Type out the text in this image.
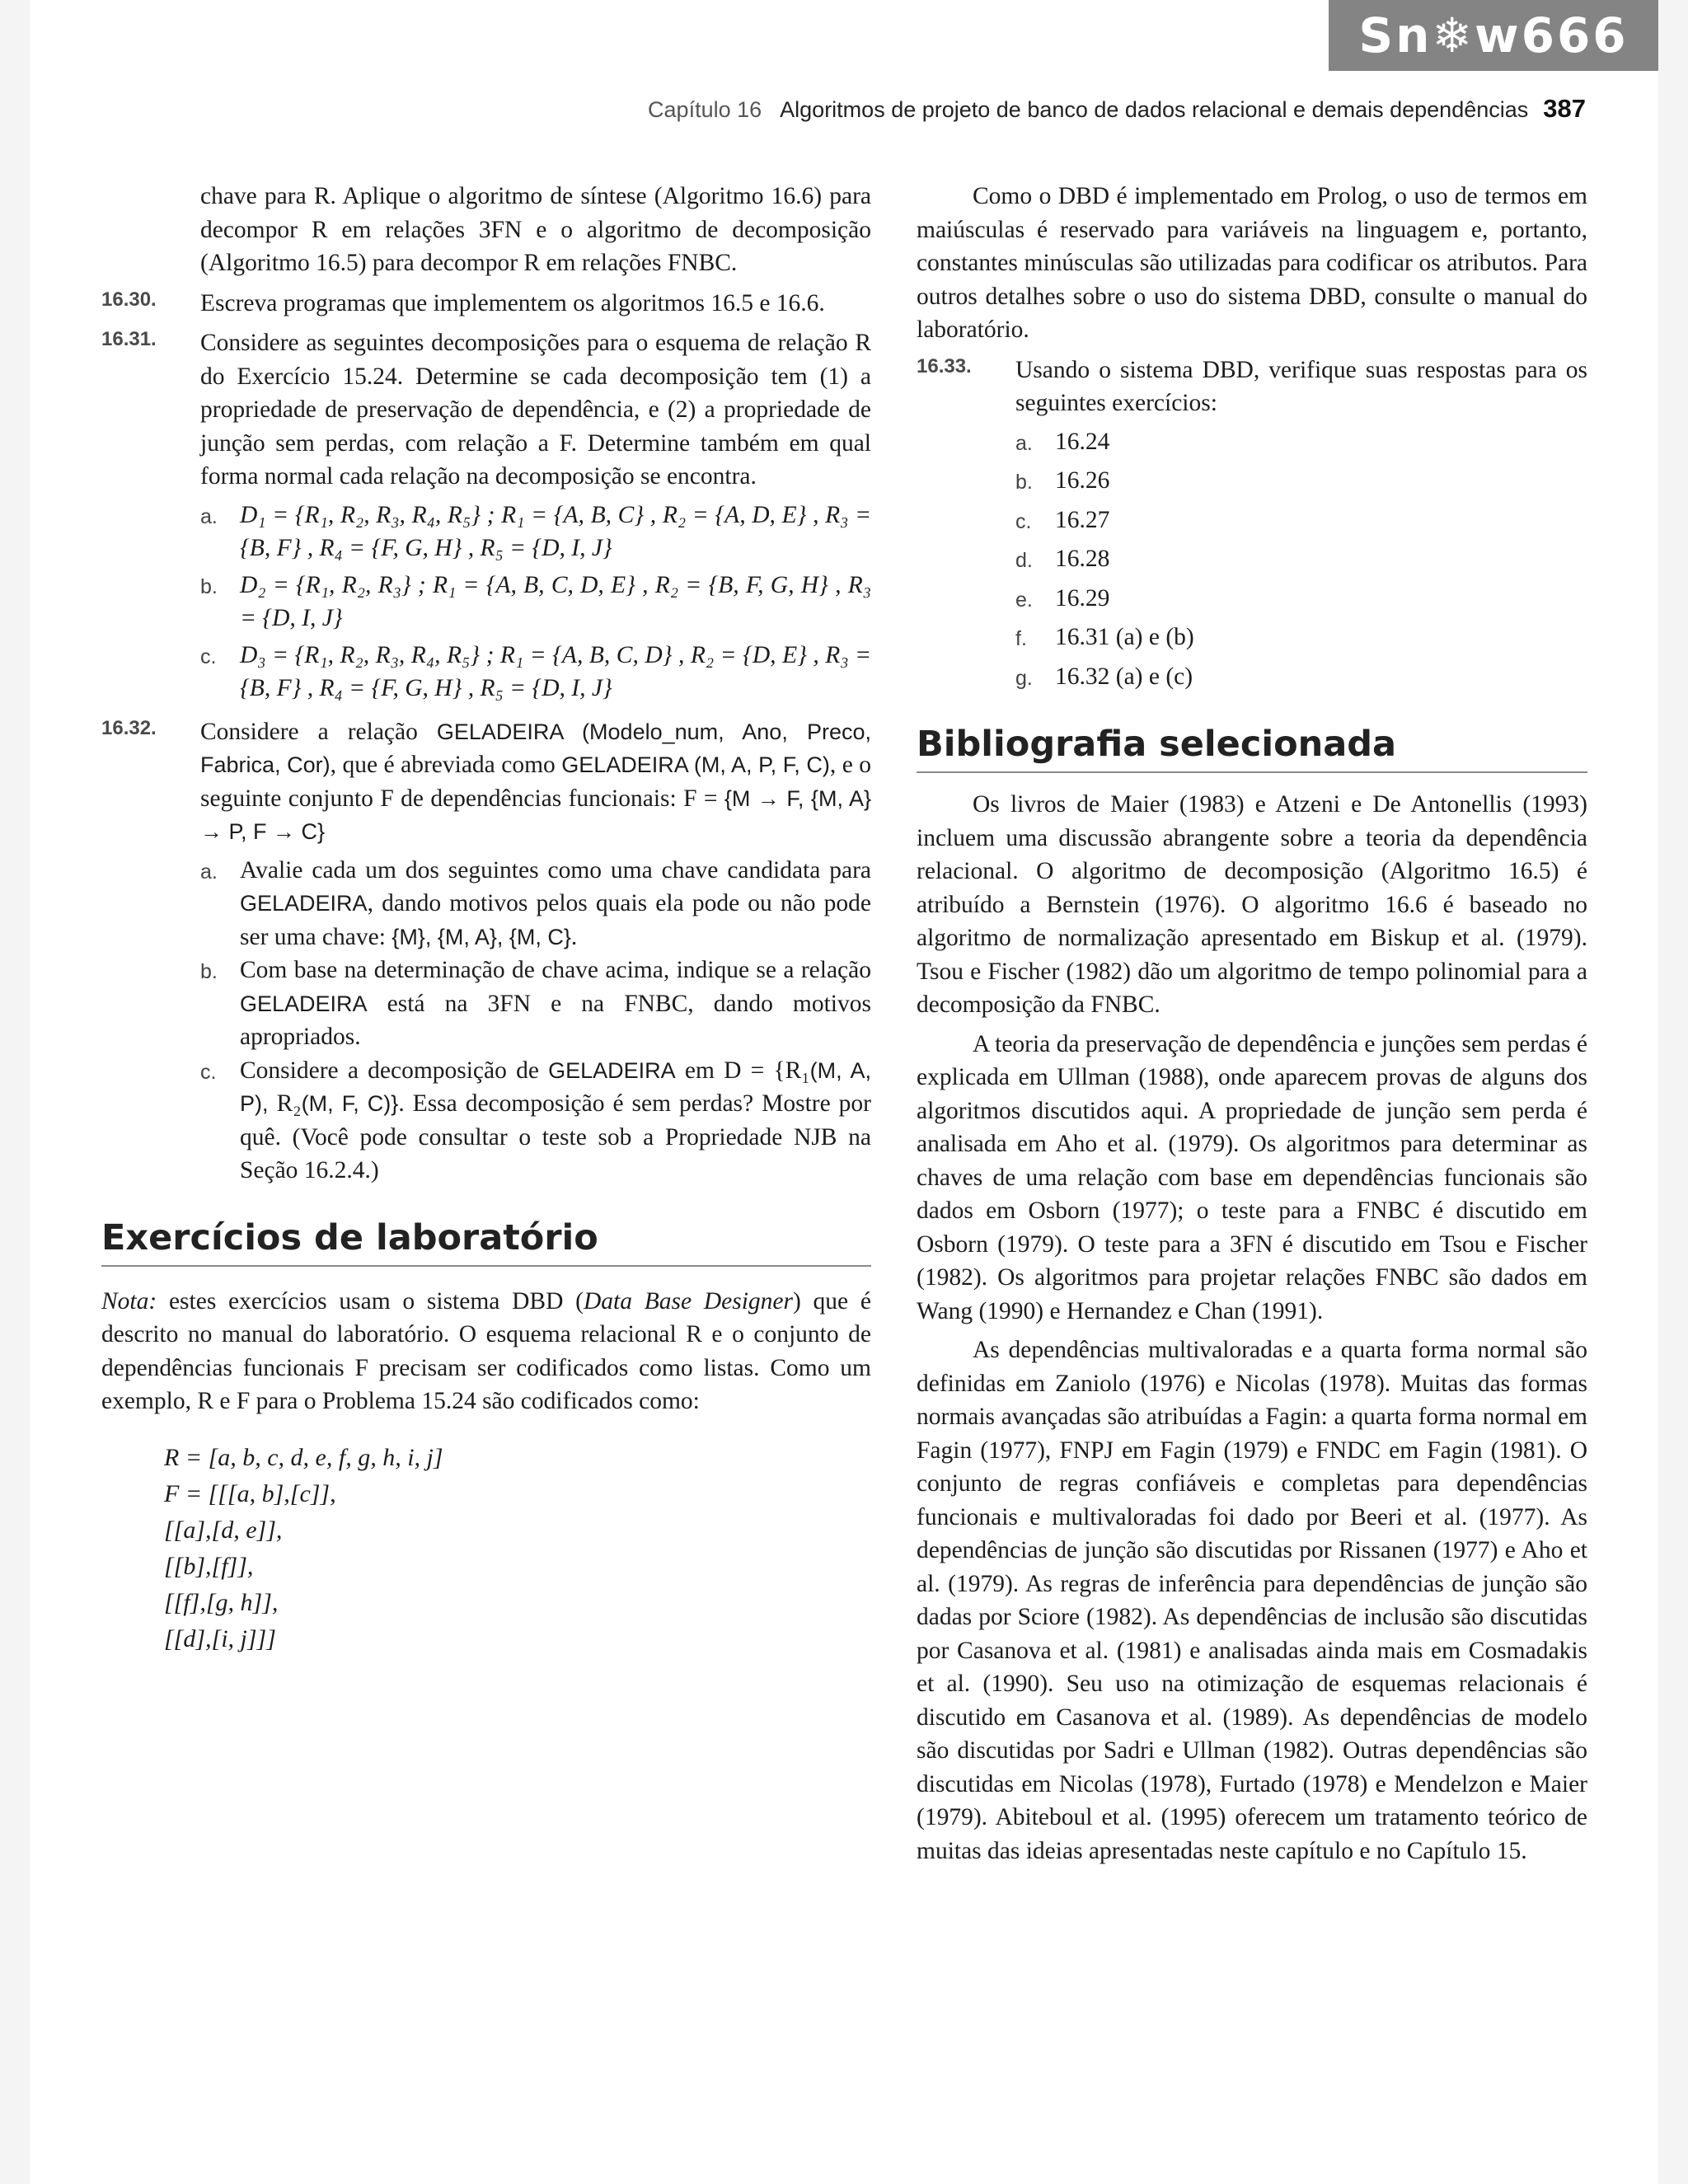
Sn❄w666
Capítulo 16 Algoritmos de projeto de banco de dados relacional e demais dependências 387

chave para R. Aplique o algoritmo de síntese (Algoritmo 16.6) para decompor R em relações 3FN e o algoritmo de decomposição (Algoritmo 16.5) para decompor R em relações FNBC.

16.30.	Escreva programas que implementem os algoritmos 16.5 e 16.6.

16.31.	Considere as seguintes decomposições para o esquema de relação R do Exercício 15.24. Determine se cada decomposição tem (1) a propriedade de preservação de dependência, e (2) a propriedade de junção sem perdas, com relação a F. Determine também em qual forma normal cada relação na decomposição se encontra.

a. D₁ = {R₁, R₂, R₃, R₄, R₅} ; R₁ = {A, B, C} , R₂ = {A, D, E} , R₃ = {B, F} , R₄ = {F, G, H} , R₅ = {D, I, J}
b. D₂ = {R₁, R₂, R₃} ; R₁ = {A, B, C, D, E} , R₂ = {B, F, G, H} , R₃ = {D, I, J}
c. D₃ = {R₁, R₂, R₃, R₄, R₅} ; R₁ = {A, B, C, D} , R₂ = {D, E} , R₃ = {B, F} , R₄ = {F, G, H} , R₅ = {D, I, J}
16.32.	Considere a relação GELADEIRA (Modelo_num, Ano, Preco, Fabrica, Cor), que é abreviada como GELADEIRA (M, A, P, F, C), e o seguinte conjunto F de dependências funcionais: F = {M → F, {M, A} → P, F → C}

a. Avalie cada um dos seguintes como uma chave candidata para GELADEIRA, dando motivos pelos quais ela pode ou não pode ser uma chave: {M}, {M, A}, {M, C}.
b. Com base na determinação de chave acima, indique se a relação GELADEIRA está na 3FN e na FNBC, dando motivos apropriados.
c. Considere a decomposição de GELADEIRA em D = {R₁(M, A, P), R₂(M, F, C)}. Essa decomposição é sem perdas? Mostre por quê. (Você pode consultar o teste sob a Propriedade NJB na Seção 16.2.4.)
Exercícios de laboratório

Nota: estes exercícios usam o sistema DBD (Data Base Designer) que é descrito no manual do laboratório. O esquema relacional R e o conjunto de dependências funcionais F precisam ser codificados como listas. Como um exemplo, R e F para o Problema 15.24 são codificados como:

R = [a, b, c, d, e, f, g, h, i, j]
F = [[[a, b],[c]],
[[a],[d, e]],
[[b],[f]],
[[f],[g, h]],
[[d],[i, j]]]

Como o DBD é implementado em Prolog, o uso de termos em maiúsculas é reservado para variáveis na linguagem e, portanto, constantes minúsculas são utilizadas para codificar os atributos. Para outros detalhes sobre o uso do sistema DBD, consulte o manual do laboratório.

16.33.	Usando o sistema DBD, verifique suas respostas para os seguintes exercícios:

a. 16.24
b. 16.26
c. 16.27
d. 16.28
e. 16.29
f.	16.31 (a) e (b)
g. 16.32 (a) e (c)
Bibliografia selecionada

Os livros de Maier (1983) e Atzeni e De Antonellis (1993) incluem uma discussão abrangente sobre a teoria da dependência relacional. O algoritmo de decomposição (Algoritmo 16.5) é atribuído a Bernstein (1976). O algoritmo 16.6 é baseado no algoritmo de normalização apresentado em Biskup et al. (1979). Tsou e Fischer (1982) dão um algoritmo de tempo polinomial para a decomposição da FNBC.

A teoria da preservação de dependência e junções sem perdas é explicada em Ullman (1988), onde aparecem provas de alguns dos algoritmos discutidos aqui. A propriedade de junção sem perda é analisada em Aho et al. (1979). Os algoritmos para determinar as chaves de uma relação com base em dependências funcionais são dados em Osborn (1977); o teste para a FNBC é discutido em Osborn (1979). O teste para a 3FN é discutido em Tsou e Fischer (1982). Os algoritmos para projetar relações FNBC são dados em Wang (1990) e Hernandez e Chan (1991).

As dependências multivaloradas e a quarta forma normal são definidas em Zaniolo (1976) e Nicolas (1978). Muitas das formas normais avançadas são atribuídas a Fagin: a quarta forma normal em Fagin (1977), FNPJ em Fagin (1979) e FNDC em Fagin (1981). O conjunto de regras confiáveis e completas para dependências funcionais e multivaloradas foi dado por Beeri et al. (1977). As dependências de junção são discutidas por Rissanen (1977) e Aho et al. (1979). As regras de inferência para dependências de junção são dadas por Sciore (1982). As dependências de inclusão são discutidas por Casanova et al. (1981) e analisadas ainda mais em Cosmadakis et al. (1990). Seu uso na otimização de esquemas relacionais é discutido em Casanova et al. (1989). As dependências de modelo são discutidas por Sadri e Ullman (1982). Outras dependências são discutidas em Nicolas (1978), Furtado (1978) e Mendelzon e Maier (1979). Abiteboul et al. (1995) oferecem um tratamento teórico de muitas das ideias apresentadas neste capítulo e no Capítulo 15.
